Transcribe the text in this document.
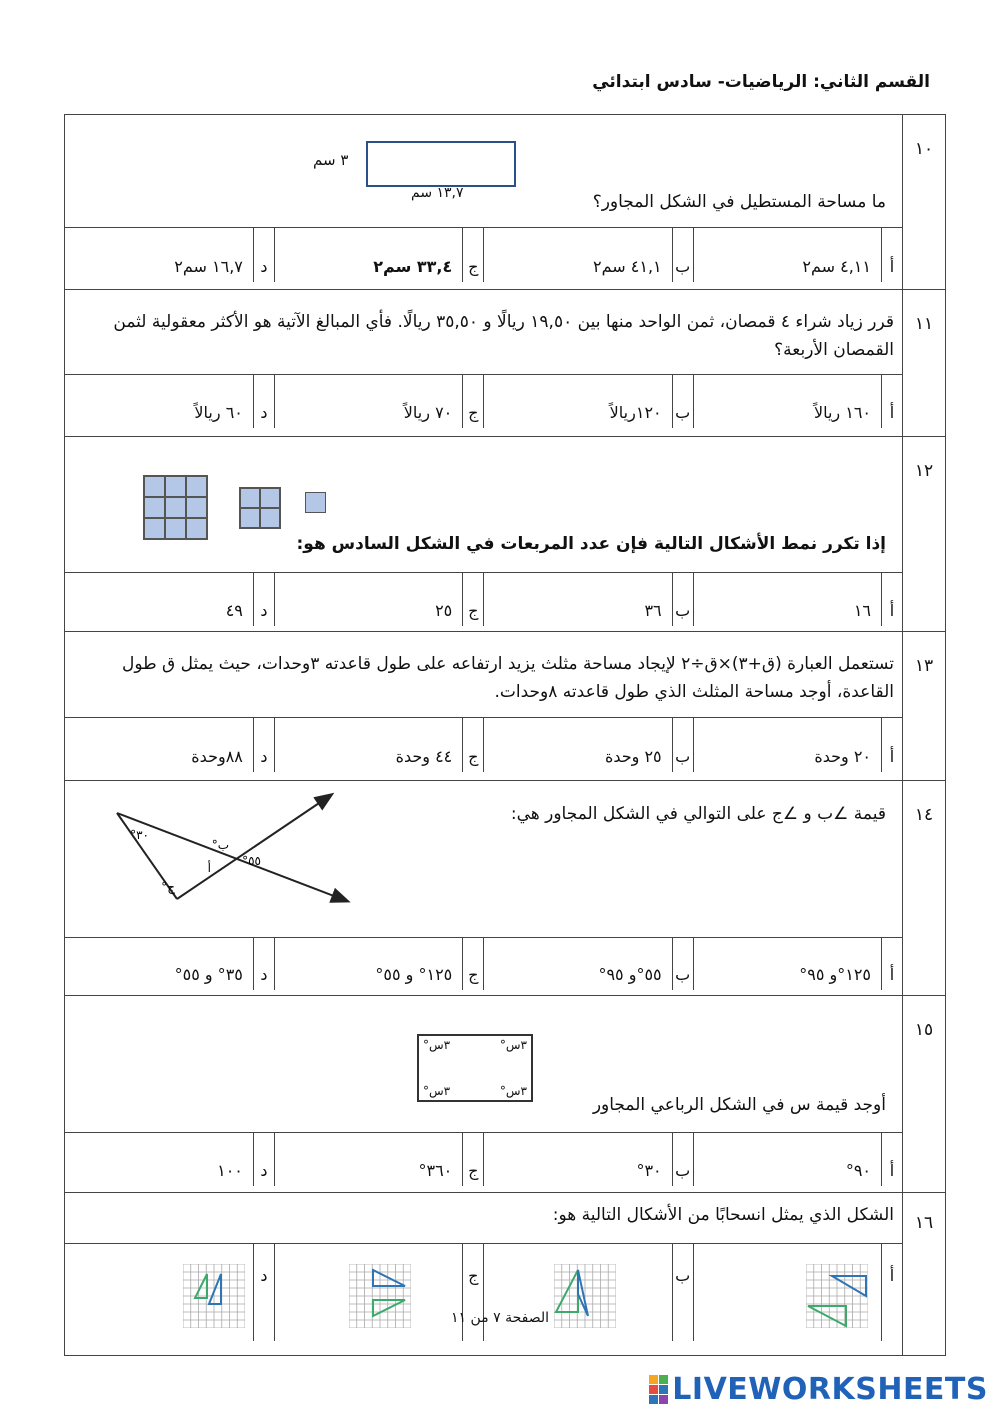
القسم الثاني: الرياضيات- سادس ابتدائي
١٠	
ما مساحة المستطيل في الشكل المجاور؟
٣ سم
١٣,٧ سم

أ	٤,١١ سم٢	ب	٤١,١ سم٢	ج	٣٣,٤ سم٢	د	١٦,٧ سم٢

١١	
قرر زياد شراء ٤ قمصان، ثمن الواحد منها بين ١٩,٥٠ ريالًا و ٣٥,٥٠ ريالًا. فأي المبالغ الآتية هو الأكثر معقولية لثمن القمصان الأربعة؟

أ	١٦٠ ريالاً	ب	١٢٠ريالاً	ج	٧٠ ريالاً	د	٦٠ ريالاً

١٢	
إذا تكرر نمط الأشكال التالية فإن عدد المربعات في الشكل السادس هو:

أ	١٦	ب	٣٦	ج	٢٥	د	٤٩

١٣	
تستعمل العبارة (ق+٣)×ق÷٢ لإيجاد مساحة مثلث يزيد ارتفاعه على طول قاعدته ٣وحدات، حيث يمثل ق طول القاعدة، أوجد مساحة المثلث الذي طول قاعدته ٨وحدات.

أ	٢٠ وحدة	ب	٢٥ وحدة	ج	٤٤ وحدة	د	٨٨وحدة

١٤	
قيمة ∠ب و ∠ج على التوالي في الشكل المجاور هي:
٣٠°
ب°
أ	٥٥°
ج°

أ	١٢٥°و ٩٥°	ب	٥٥°و ٩٥°	ج	١٢٥° و ٥٥°	د	٣٥° و ٥٥°

١٥	
٣س°	٣س°
٣س°	٣س°
أوجد قيمة س في الشكل الرباعي المجاور

أ	٩٠°	ب	٣٠°	ج	٣٦٠°	د	١٠٠

١٦	
الشكل الذي يمثل انسحابًا من الأشكال التالية هو:

أ	
	ب	
	ج	
	د	
الصفحة ٧ من ١١
LIVEWORKSHEETS
